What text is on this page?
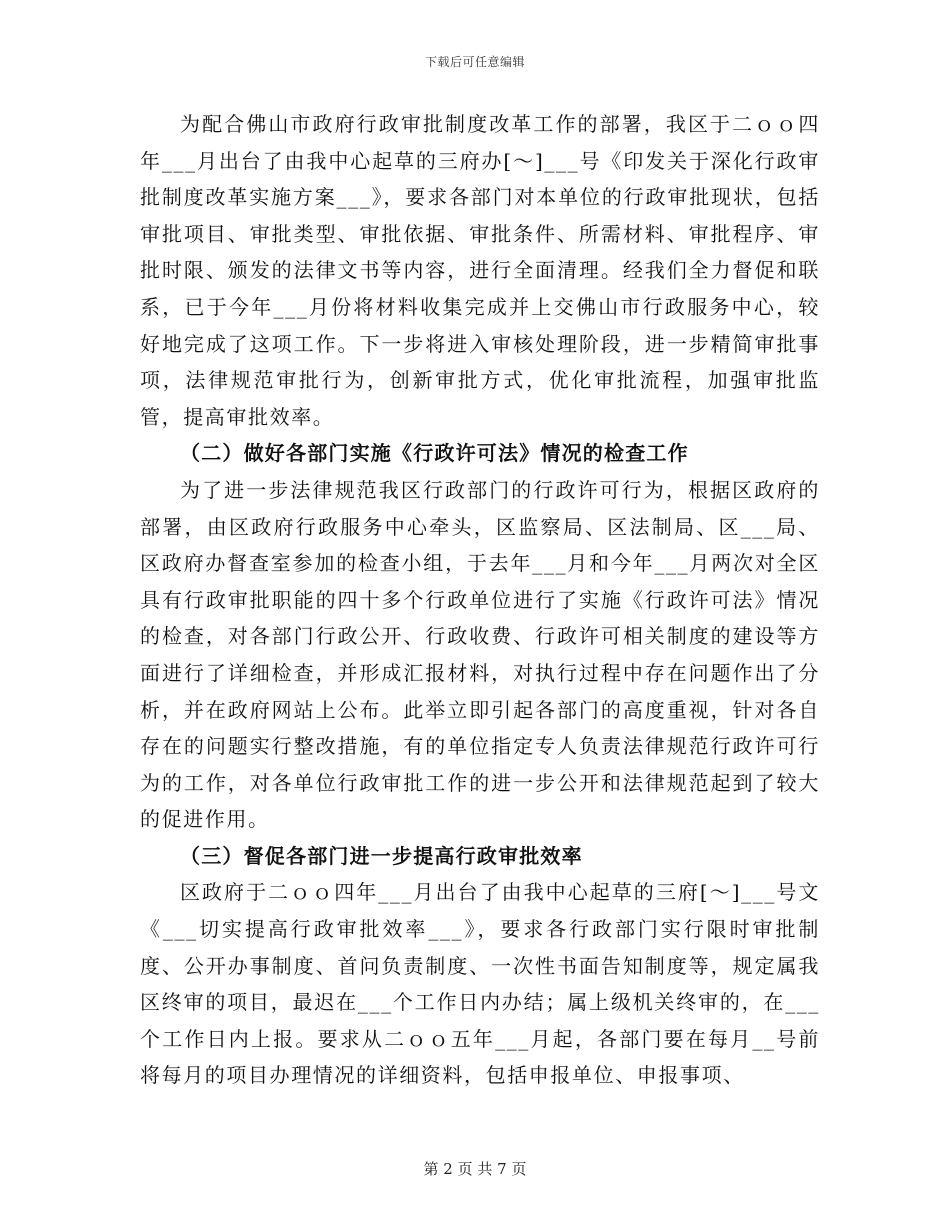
下载后可任意编辑

为配合佛山市政府行政审批制度改革工作的部署，我区于二ｏｏ四年___月出台了由我中心起草的三府办[～]___号《印发关于深化行政审批制度改革实施方案___》，要求各部门对本单位的行政审批现状，包括审批项目、审批类型、审批依据、审批条件、所需材料、审批程序、审批时限、颁发的法律文书等内容，进行全面清理。经我们全力督促和联系，已于今年___月份将材料收集完成并上交佛山市行政服务中心，较好地完成了这项工作。下一步将进入审核处理阶段，进一步精简审批事项，法律规范审批行为，创新审批方式，优化审批流程，加强审批监管，提高审批效率。

（二）做好各部门实施《行政许可法》情况的检查工作

为了进一步法律规范我区行政部门的行政许可行为，根据区政府的部署，由区政府行政服务中心牵头，区监察局、区法制局、区___局、区政府办督查室参加的检查小组，于去年___月和今年___月两次对全区具有行政审批职能的四十多个行政单位进行了实施《行政许可法》情况的检查，对各部门行政公开、行政收费、行政许可相关制度的建设等方面进行了详细检查，并形成汇报材料，对执行过程中存在问题作出了分析，并在政府网站上公布。此举立即引起各部门的高度重视，针对各自存在的问题实行整改措施，有的单位指定专人负责法律规范行政许可行为的工作，对各单位行政审批工作的进一步公开和法律规范起到了较大的促进作用。

（三）督促各部门进一步提高行政审批效率

区政府于二ｏｏ四年___月出台了由我中心起草的三府[～]___号文《___切实提高行政审批效率___》，要求各行政部门实行限时审批制度、公开办事制度、首问负责制度、一次性书面告知制度等，规定属我区终审的项目，最迟在___个工作日内办结；属上级机关终审的，在___个工作日内上报。要求从二ｏｏ五年___月起，各部门要在每月__号前将每月的项目办理情况的详细资料，包括申报单位、申报事项、

第 2 页 共 7 页
